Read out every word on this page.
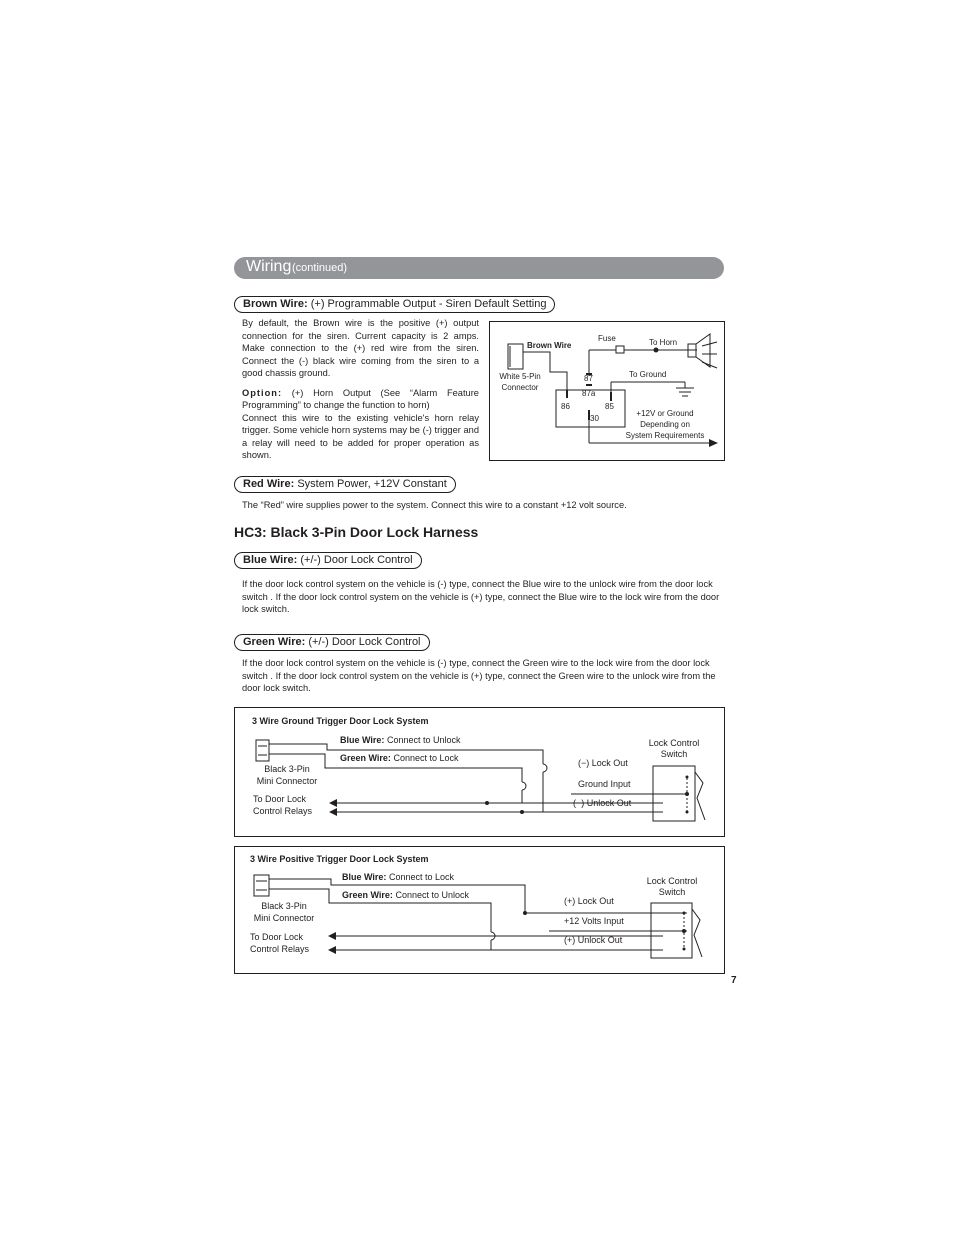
Wiring (continued)
Brown Wire: (+) Programmable Output - Siren Default Setting
By default, the Brown wire is the positive (+) output connection for the siren. Current capacity is 2 amps. Make connection to the (+) red wire from the siren. Connect the (-) black wire coming from the siren to a good chassis ground.
Option: (+) Horn Output (See “Alarm Feature Programming” to change the function to horn)
Connect this wire to the existing vehicle's horn relay trigger. Some vehicle horn systems may be (-) trigger and a relay will need to be added for proper operation as shown.
Brown Wire
White 5-Pin Connector
Fuse	To Horn
To Ground
87
87a
86	85
30
+12V or Ground
Depending on
System Requirements
Red Wire: System Power, +12V Constant
The “Red” wire supplies power to the system. Connect this wire to a constant +12 volt source.
HC3: Black 3-Pin Door Lock Harness
Blue Wire: (+/-) Door Lock Control
If the door lock control system on the vehicle is (-) type, connect the Blue wire to the unlock wire from the door lock switch . If the door lock control system on the vehicle is (+) type, connect the Blue wire to the lock wire from the door lock switch.
Green Wire: (+/-) Door Lock Control
If the door lock control system on the vehicle is (-) type, connect the Green wire to the lock wire from the door lock switch . If the door lock control system on the vehicle is (+) type, connect the Green wire to the unlock wire from the door lock switch.
3 Wire Ground Trigger Door Lock System
Blue Wire: Connect to Unlock
Green Wire: Connect to Lock
Black 3-Pin
Mini Connector
To Door Lock
Control Relays
(−) Lock Out
Ground Input
(−) Unlock Out
Lock Control
Switch
3 Wire Positive Trigger Door Lock System
Blue Wire: Connect to Lock
Green Wire: Connect to Unlock
Black 3-Pin
Mini Connector
To Door Lock
Control Relays
(+) Lock Out
+12 Volts Input
(+) Unlock Out
Lock Control
Switch
7
